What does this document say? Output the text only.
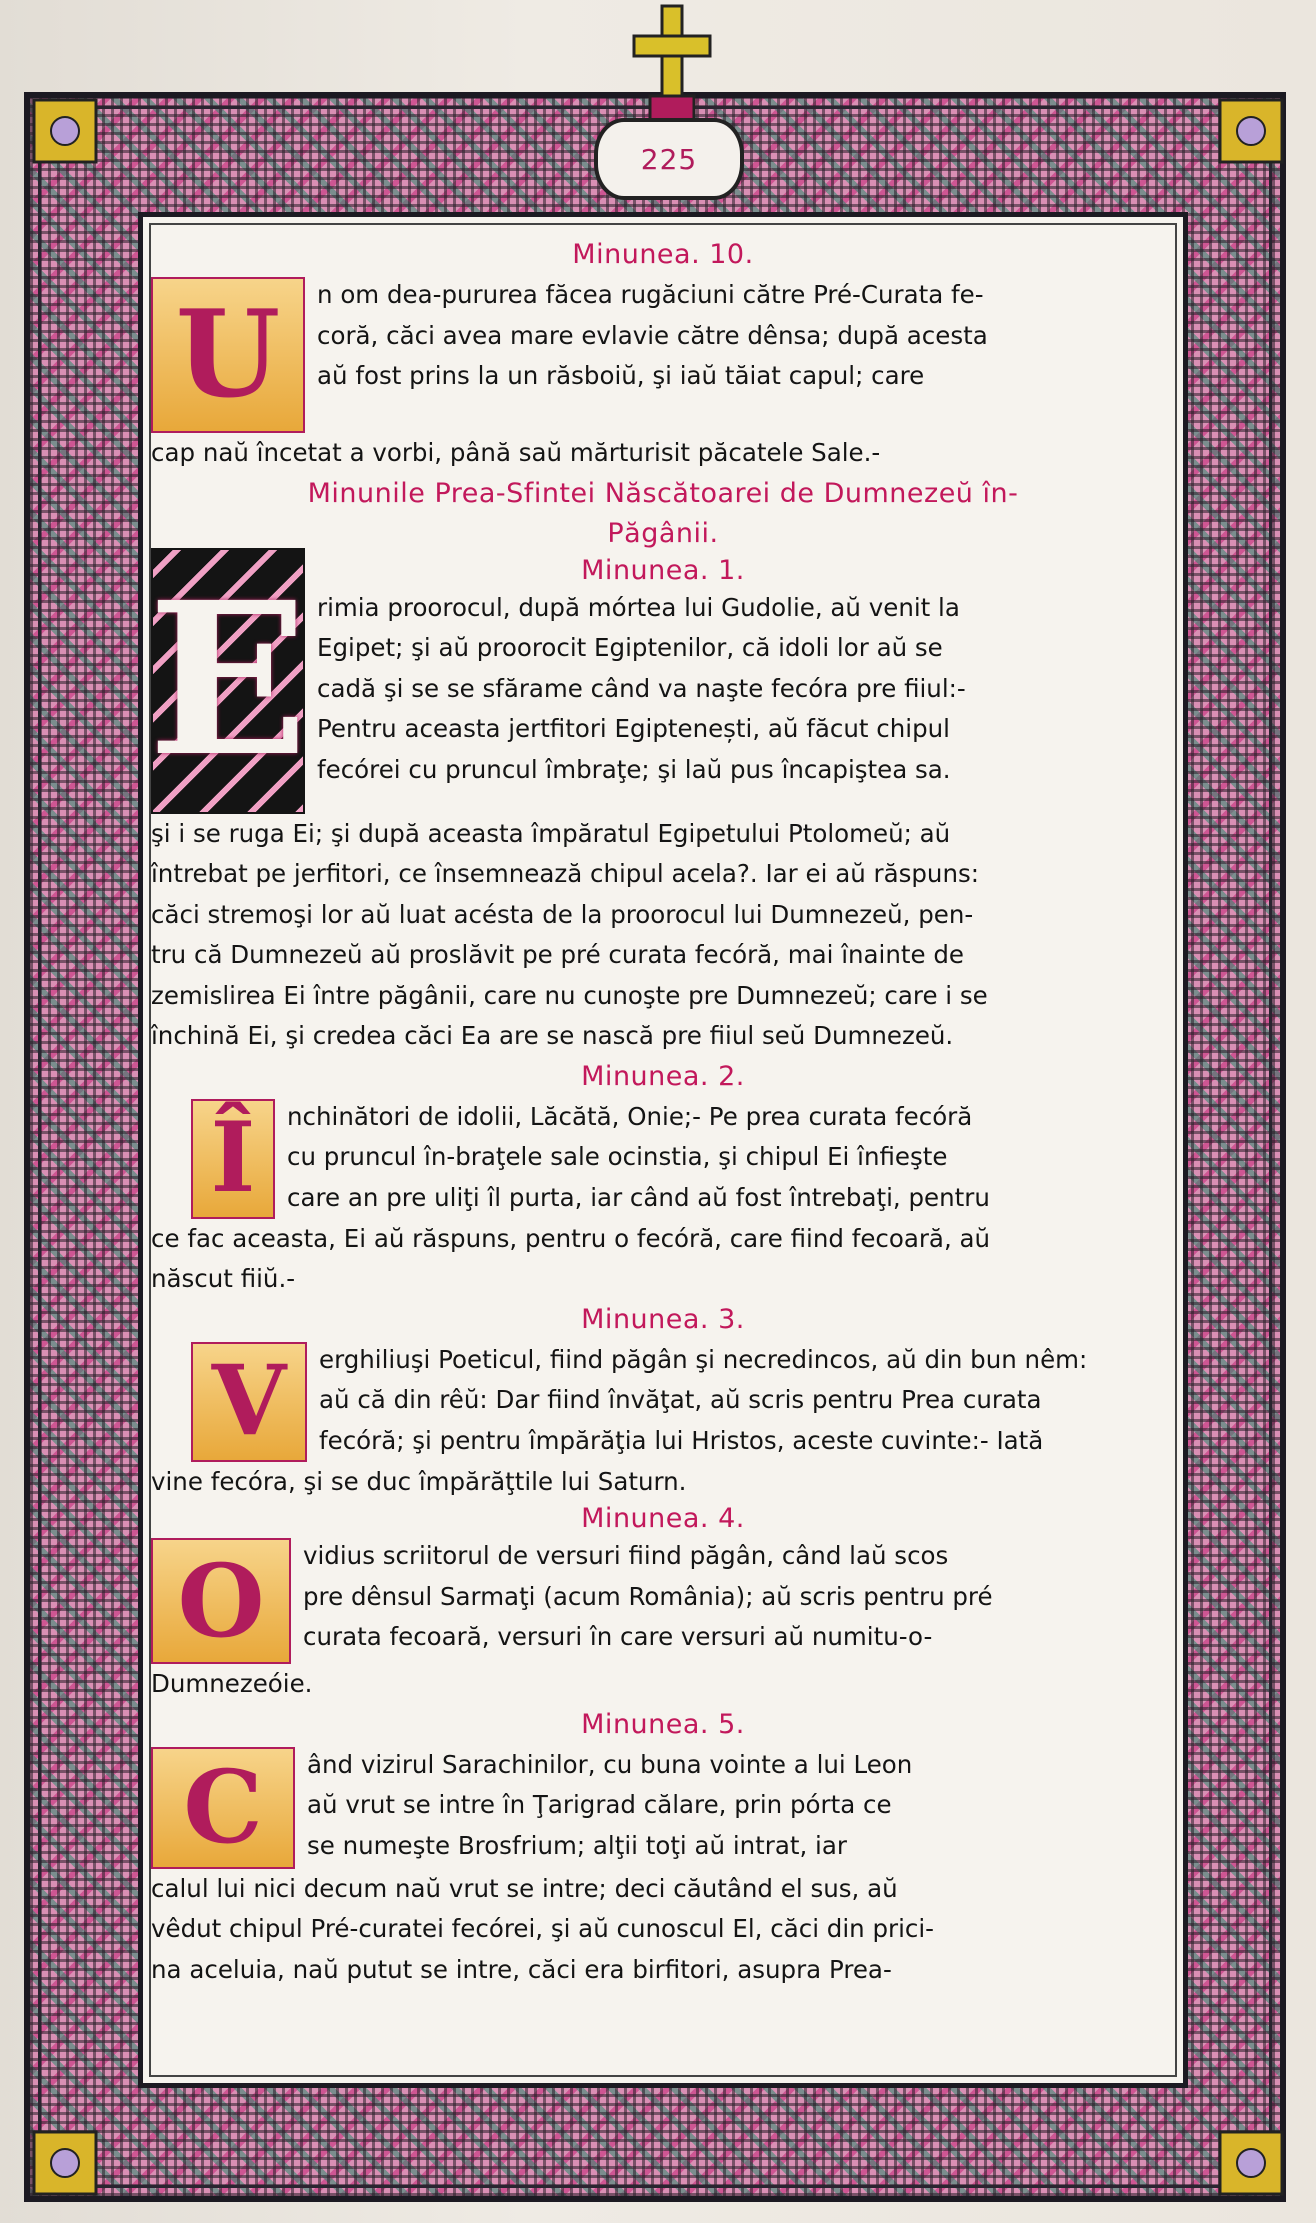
225
Minunea. 10.
U n om dea-pururea făcea rugăciuni către Pré-Curata fe-
coră, căci avea mare evlavie către dênsa; după acesta
aŭ fost prins la un răsboiŭ, şi iaŭ tăiat capul; care
cap naŭ încetat a vorbi, până saŭ mărturisit păcatele Sale.-

Minunile Prea-Sfintei Născătoarei de Dumnezeŭ în-
Păgânii.
Minunea. 1.
E rimia proorocul, după mórtea lui Gudolie, aŭ venit la
Egipet; şi aŭ proorocit Egiptenilor, că idoli lor aŭ se
cadă şi se se sfărame când va naşte fecóra pre fiiul:-
Pentru aceasta jertfitori Egiptenești, aŭ făcut chipul
fecórei cu pruncul îmbraţe; şi laŭ pus încapiştea sa.
şi i se ruga Ei; şi după aceasta împăratul Egipetului Ptolomeŭ; aŭ
întrebat pe jerfitori, ce însemnează chipul acela?. Iar ei aŭ răspuns:
căci stremoşi lor aŭ luat acésta de la proorocul lui Dumnezeŭ, pen-
tru că Dumnezeŭ aŭ proslăvit pe pré curata fecóră, mai înainte de
zemislirea Ei între păgânii, care nu cunoşte pre Dumnezeŭ; care i se
închină Ei, şi credea căci Ea are se nască pre fiiul seŭ Dumnezeŭ.

Minunea. 2.
Î nchinători de idolii, Lăcătă, Onie;- Pe prea curata fecóră
cu pruncul în-braţele sale ocinstia, şi chipul Ei înfieşte
care an pre uliţi îl purta, iar când aŭ fost întrebaţi, pentru
ce fac aceasta, Ei aŭ răspuns, pentru o fecóră, care fiind fecoară, aŭ
născut fiiŭ.-

Minunea. 3.
V erghiliuşi Poeticul, fiind păgân şi necredincos, aŭ din bun nêm:
aŭ că din rêŭ: Dar fiind învăţat, aŭ scris pentru Prea curata
fecóră; şi pentru împărăţia lui Hristos, aceste cuvinte:- Iată
vine fecóra, şi se duc împărăţtile lui Saturn.

Minunea. 4.
O vidius scriitorul de versuri fiind păgân, când laŭ scos
pre dênsul Sarmaţi (acum România); aŭ scris pentru pré
curata fecoară, versuri în care versuri aŭ numitu-o-
Dumnezeóie.

Minunea. 5.
C ând vizirul Sarachinilor, cu buna vointe a lui Leon
aŭ vrut se intre în Ţarigrad călare, prin pórta ce
se numeşte Brosfrium; alţii toţi aŭ intrat, iar
calul lui nici decum naŭ vrut se intre; deci căutând el sus, aŭ
vêdut chipul Pré-curatei fecórei, şi aŭ cunoscul El, căci din prici-
na aceluia, naŭ putut se intre, căci era birfitori, asupra Prea-
